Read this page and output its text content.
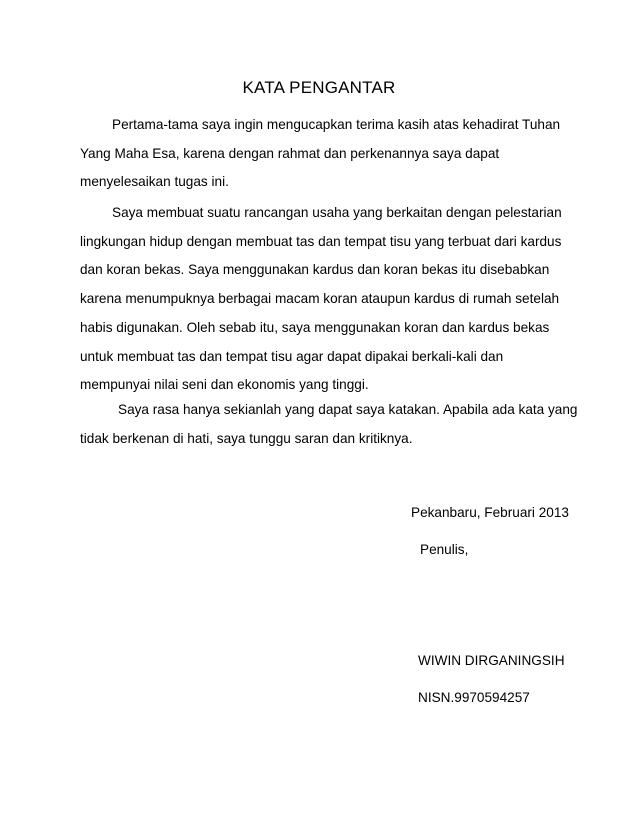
KATA PENGANTAR
Pertama-tama saya ingin mengucapkan terima kasih atas kehadirat Tuhan
Yang Maha Esa, karena dengan rahmat dan perkenannya saya dapat
menyelesaikan tugas ini.
Saya membuat suatu rancangan usaha yang berkaitan dengan pelestarian
lingkungan hidup dengan membuat tas dan tempat tisu yang terbuat dari kardus
dan koran bekas. Saya menggunakan kardus dan koran bekas itu disebabkan
karena menumpuknya berbagai macam koran ataupun kardus di rumah setelah
habis digunakan. Oleh sebab itu, saya menggunakan koran dan kardus bekas
untuk membuat tas dan tempat tisu agar dapat dipakai berkali-kali dan
mempunyai nilai seni dan ekonomis yang tinggi.
Saya rasa hanya sekianlah yang dapat saya katakan. Apabila ada kata yang
tidak berkenan di hati, saya tunggu saran dan kritiknya.
Pekanbaru, Februari 2013
Penulis,
WIWIN DIRGANINGSIH
NISN.9970594257
